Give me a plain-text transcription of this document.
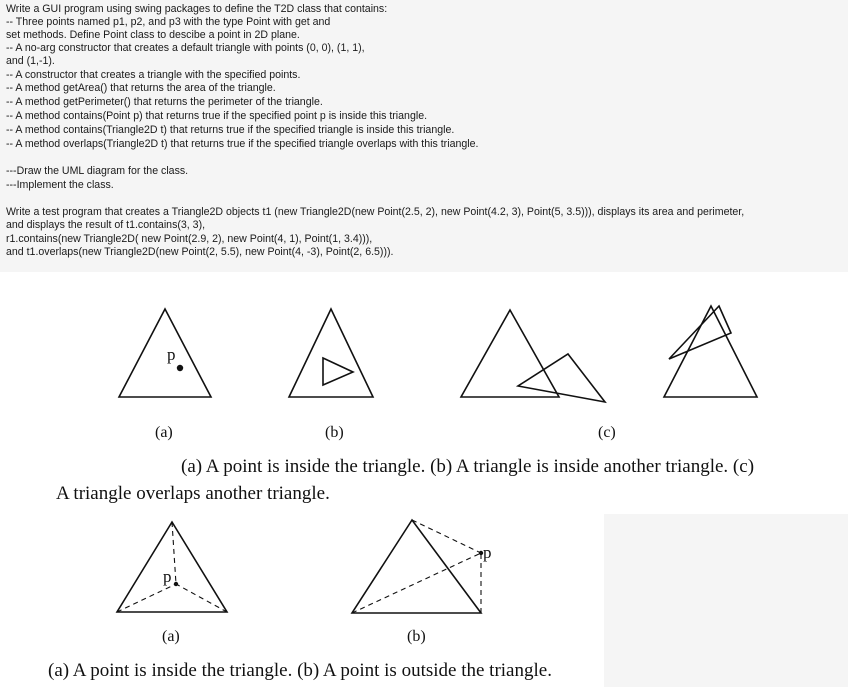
Write a GUI program using swing packages to define the T2D class that contains:
-- Three points named p1, p2, and p3 with the type Point with get and
set methods. Define Point class to descibe a point in 2D plane.
-- A no-arg constructor that creates a default triangle with points (0, 0), (1, 1),
and (1,-1).
-- A constructor that creates a triangle with the specified points.
-- A method getArea() that returns the area of the triangle.
-- A method getPerimeter() that returns the perimeter of the triangle.
-- A method contains(Point p) that returns true if the specified point p is inside this triangle.
-- A method contains(Triangle2D t) that returns true if the specified triangle is inside this triangle.
-- A method overlaps(Triangle2D t) that returns true if the specified triangle overlaps with this triangle.
---Draw the UML diagram for the class.
---Implement the class.
Write a test program that creates a Triangle2D objects t1 (new Triangle2D(new Point(2.5, 2), new Point(4.2, 3), Point(5, 3.5))), displays its area and perimeter,
and displays the result of t1.contains(3, 3),
r1.contains(new Triangle2D( new Point(2.9, 2), new Point(4, 1), Point(1, 3.4))),
and t1.overlaps(new Triangle2D(new Point(2, 5.5), new Point(4, -3), Point(2, 6.5))).
p
(a)	(b)	(c)
p
p
(a)	(b)
(a) A point is inside the triangle. (b) A triangle is inside another triangle. (c)
A triangle overlaps another triangle.
(a) A point is inside the triangle. (b) A point is outside the triangle.
